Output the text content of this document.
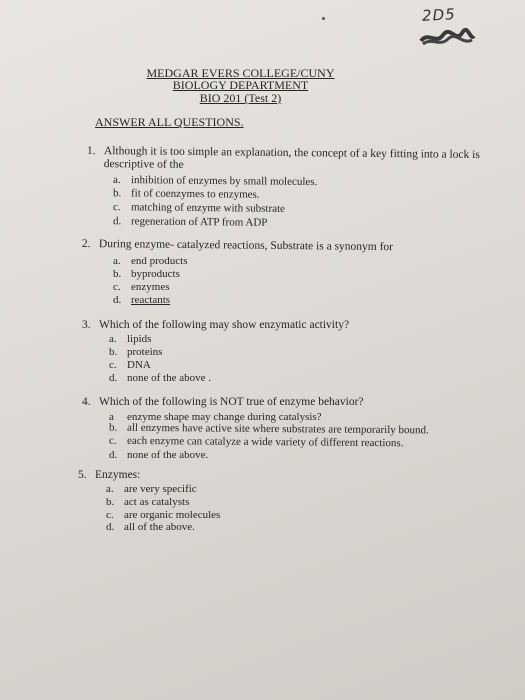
2D5
MEDGAR EVERS COLLEGE/CUNY
BIOLOGY DEPARTMENT
BIO 201 (Test 2)
ANSWER ALL QUESTIONS.
1. Although it is too simple an explanation, the concept of a key fitting into a lock is
descriptive of the
a. inhibition of enzymes by small molecules.
b. fit of coenzymes to enzymes.
c. matching of enzyme with substrate
d. regeneration of ATP from ADP
2. During enzyme- catalyzed reactions, Substrate is a synonym for
a. end products
b. byproducts
c. enzymes
d. reactants
3. Which of the following may show enzymatic activity?
a. lipids
b. proteins
c. DNA
d. none of the above .
4. Which of the following is NOT true of enzyme behavior?
a enzyme shape may change during catalysis?
b. all enzymes have active site where substrates are temporarily bound.
c. each enzyme can catalyze a wide variety of different reactions.
d. none of the above.
5. Enzymes:
a. are very specific
b. act as catalysts
c. are organic molecules
d. all of the above.
